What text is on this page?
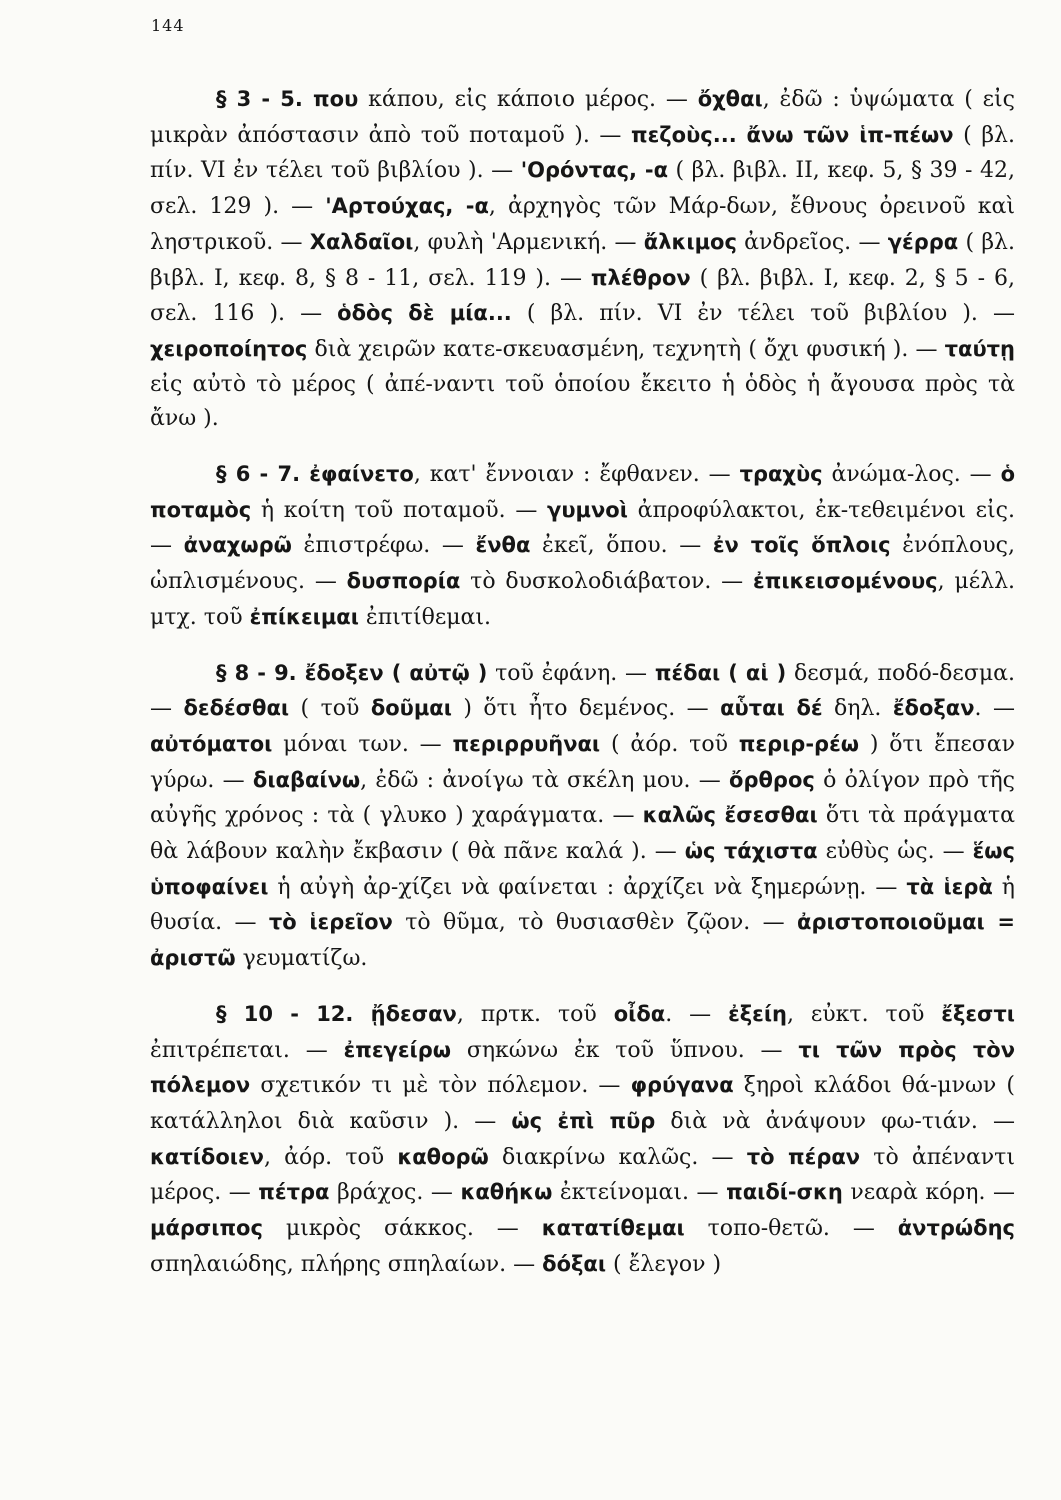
144

§ 3 - 5. που κάπου, εἰς κάποιο μέρος. — ὄχθαι, ἐδῶ : ὑψώματα ( εἰς μικρὰν ἀπόστασιν ἀπὸ τοῦ ποταμοῦ ). — πεζοὺς... ἄνω τῶν ἱπ-πέων ( βλ. πίν. VI ἐν τέλει τοῦ βιβλίου ). — 'Ορόντας, -α ( βλ. βιβλ. II, κεφ. 5, § 39 - 42, σελ. 129 ). — 'Αρτούχας, -α, ἀρχηγὸς τῶν Μάρ-δων, ἔθνους ὀρεινοῦ καὶ ληστρικοῦ. — Χαλδαῖοι, φυλὴ 'Αρμενική. — ἄλκιμος ἀνδρεῖος. — γέρρα ( βλ. βιβλ. I, κεφ. 8, § 8 - 11, σελ. 119 ). — πλέθρον ( βλ. βιβλ. I, κεφ. 2, § 5 - 6, σελ. 116 ). — ὁδὸς δὲ μία... ( βλ. πίν. VI ἐν τέλει τοῦ βιβλίου ). — χειροποίητος διὰ χειρῶν κατε-σκευασμένη, τεχνητὴ ( ὄχι φυσική ). — ταύτῃ εἰς αὐτὸ τὸ μέρος ( ἀπέ-ναντι τοῦ ὁποίου ἔκειτο ἡ ὁδὸς ἡ ἄγουσα πρὸς τὰ ἄνω ).

§ 6 - 7. ἐφαίνετο, κατ' ἔννοιαν : ἔφθανεν. — τραχὺς ἀνώμα-λος. — ὁ ποταμὸς ἡ κοίτη τοῦ ποταμοῦ. — γυμνοὶ ἀπροφύλακτοι, ἐκ-τεθειμένοι εἰς. — ἀναχωρῶ ἐπιστρέφω. — ἔνθα ἐκεῖ, ὅπου. — ἐν τοῖς ὅπλοις ἐνόπλους, ὡπλισμένους. — δυσπορία τὸ δυσκολοδιάβατον. — ἐπικεισομένους, μέλλ. μτχ. τοῦ ἐπίκειμαι ἐπιτίθεμαι.

§ 8 - 9. ἔδοξεν ( αὐτῷ ) τοῦ ἐφάνη. — πέδαι ( αἱ ) δεσμά, ποδό-δεσμα. — δεδέσθαι ( τοῦ δοῦμαι ) ὅτι ἦτο δεμένος. — αὗται δέ δηλ. ἔδοξαν. — αὐτόματοι μόναι των. — περιρρυῆναι ( ἀόρ. τοῦ περιρ-ρέω ) ὅτι ἔπεσαν γύρω. — διαβαίνω, ἐδῶ : ἀνοίγω τὰ σκέλη μου. — ὄρθρος ὁ ὀλίγον πρὸ τῆς αὐγῆς χρόνος : τὰ ( γλυκο ) χαράγματα. — καλῶς ἔσεσθαι ὅτι τὰ πράγματα θὰ λάβουν καλὴν ἔκβασιν ( θὰ πᾶνε καλά ). — ὡς τάχιστα εὐθὺς ὡς. — ἕως ὑποφαίνει ἡ αὐγὴ ἀρ-χίζει νὰ φαίνεται : ἀρχίζει νὰ ξημερώνῃ. — τὰ ἱερὰ ἡ θυσία. — τὸ ἱερεῖον τὸ θῦμα, τὸ θυσιασθὲν ζῷον. — ἀριστοποιοῦμαι = ἀριστῶ γευματίζω.

§ 10 - 12. ᾔδεσαν, πρτκ. τοῦ οἶδα. — ἐξείη, εὐκτ. τοῦ ἔξεστι ἐπιτρέπεται. — ἐπεγείρω σηκώνω ἐκ τοῦ ὕπνου. — τι τῶν πρὸς τὸν πόλεμον σχετικόν τι μὲ τὸν πόλεμον. — φρύγανα ξηροὶ κλάδοι θά-μνων ( κατάλληλοι διὰ καῦσιν ). — ὡς ἐπὶ πῦρ διὰ νὰ ἀνάψουν φω-τιάν. — κατίδοιεν, ἀόρ. τοῦ καθορῶ διακρίνω καλῶς. — τὸ πέραν τὸ ἀπέναντι μέρος. — πέτρα βράχος. — καθήκω ἐκτείνομαι. — παιδί-σκη νεαρὰ κόρη. — μάρσιπος μικρὸς σάκκος. — κατατίθεμαι τοπο-θετῶ. — ἀντρώδης σπηλαιώδης, πλήρης σπηλαίων. — δόξαι ( ἔλεγον )
